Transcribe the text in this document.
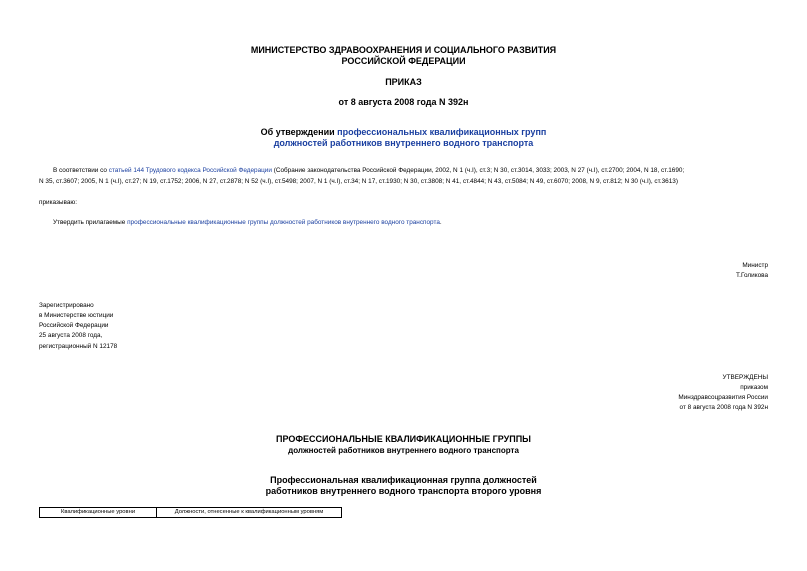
МИНИСТЕРСТВО ЗДРАВООХРАНЕНИЯ И СОЦИАЛЬНОГО РАЗВИТИЯ
РОССИЙСКОЙ ФЕДЕРАЦИИ
ПРИКАЗ
от 8 августа 2008 года N 392н
Об утверждении профессиональных квалификационных групп
должностей работников внутреннего водного транспорта
В соответствии со статьей 144 Трудового кодекса Российской Федерации (Собрание законодательства Российской Федерации, 2002, N 1 (ч.I), ст.3; N 30, ст.3014, 3033; 2003, N 27 (ч.I), ст.2700; 2004, N 18, ст.1690;
N 35, ст.3607; 2005, N 1 (ч.I), ст.27; N 19, ст.1752; 2006, N 27, ст.2878; N 52 (ч.I), ст.5498; 2007, N 1 (ч.I), ст.34; N 17, ст.1930; N 30, ст.3808; N 41, ст.4844; N 43, ст.5084; N 49, ст.6070; 2008, N 9, ст.812; N 30 (ч.I), ст.3613)
приказываю:
Утвердить прилагаемые профессиональные квалификационные группы должностей работников внутреннего водного транспорта.
Министр
Т.Голикова
Зарегистрировано
в Министерстве юстиции
Российской Федерации
25 августа 2008 года,
регистрационный N 12178
УТВЕРЖДЕНЫ
приказом
Минздравсоцразвития России
от 8 августа 2008 года N 392н
ПРОФЕССИОНАЛЬНЫЕ КВАЛИФИКАЦИОННЫЕ ГРУППЫ
должностей работников внутреннего водного транспорта
Профессиональная квалификационная группа должностей
работников внутреннего водного транспорта второго уровня
Квалификационные уровни	Должности, отнесенные к квалификационным уровням
